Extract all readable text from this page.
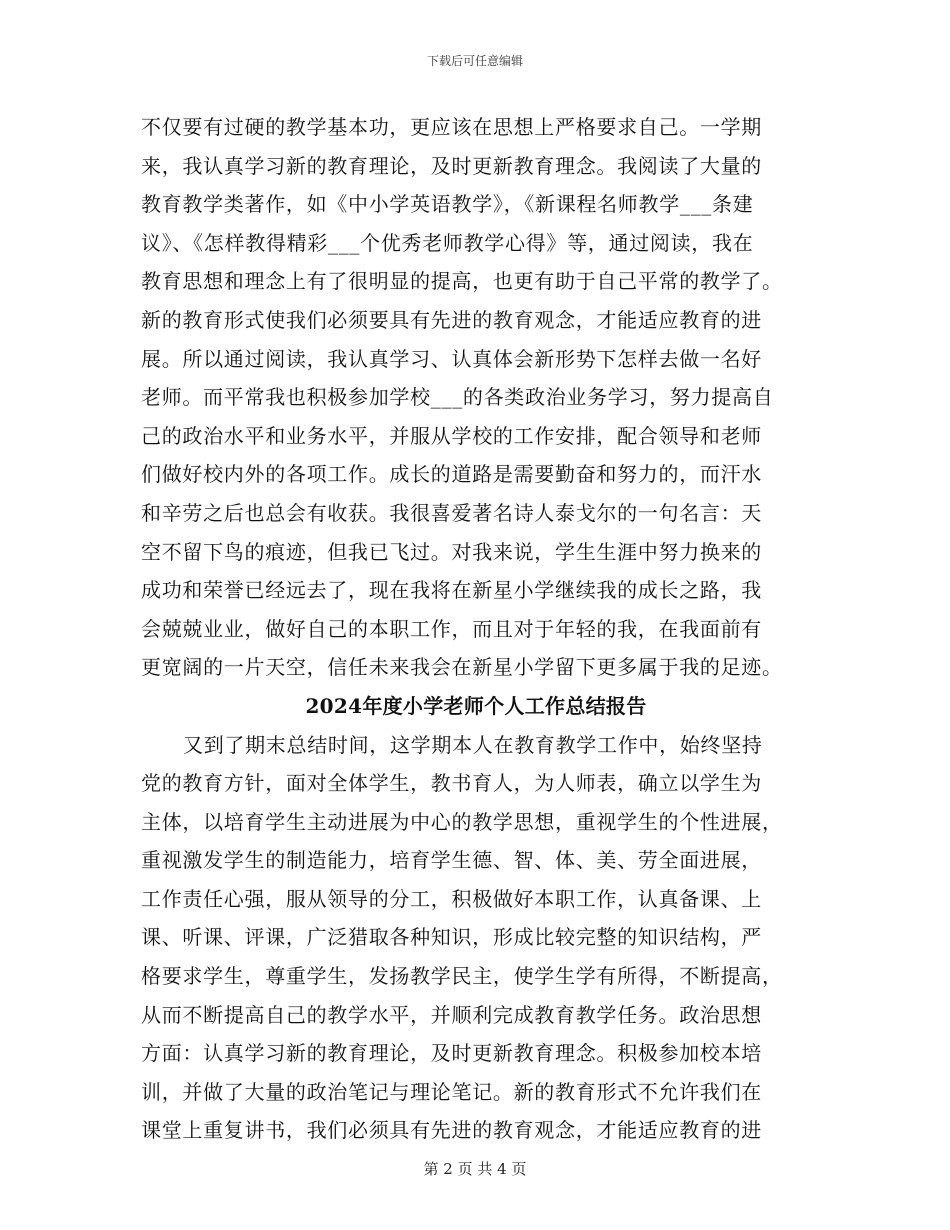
下载后可任意编辑
不仅要有过硬的教学基本功，更应该在思想上严格要求自己。一学期
来，我认真学习新的教育理论，及时更新教育理念。我阅读了大量的
教育教学类著作，如《中小学英语教学》，《新课程名师教学___条建
议》、《怎样教得精彩___个优秀老师教学心得》等，通过阅读，我在
教育思想和理念上有了很明显的提高，也更有助于自己平常的教学了。
新的教育形式使我们必须要具有先进的教育观念，才能适应教育的进
展。所以通过阅读，我认真学习、认真体会新形势下怎样去做一名好
老师。而平常我也积极参加学校___的各类政治业务学习，努力提高自
己的政治水平和业务水平，并服从学校的工作安排，配合领导和老师
们做好校内外的各项工作。成长的道路是需要勤奋和努力的，而汗水
和辛劳之后也总会有收获。我很喜爱著名诗人泰戈尔的一句名言：天
空不留下鸟的痕迹，但我已飞过。对我来说，学生生涯中努力换来的
成功和荣誉已经远去了，现在我将在新星小学继续我的成长之路，我
会兢兢业业，做好自己的本职工作，而且对于年轻的我，在我面前有
更宽阔的一片天空，信任未来我会在新星小学留下更多属于我的足迹。
2024年度小学老师个人工作总结报告
又到了期末总结时间，这学期本人在教育教学工作中，始终坚持
党的教育方针，面对全体学生，教书育人，为人师表，确立以学生为
主体，以培育学生主动进展为中心的教学思想，重视学生的个性进展，
重视激发学生的制造能力，培育学生德、智、体、美、劳全面进展，
工作责任心强，服从领导的分工，积极做好本职工作，认真备课、上
课、听课、评课，广泛猎取各种知识，形成比较完整的知识结构，严
格要求学生，尊重学生，发扬教学民主，使学生学有所得，不断提高，
从而不断提高自己的教学水平，并顺利完成教育教学任务。政治思想
方面：认真学习新的教育理论，及时更新教育理念。积极参加校本培
训，并做了大量的政治笔记与理论笔记。新的教育形式不允许我们在
课堂上重复讲书，我们必须具有先进的教育观念，才能适应教育的进
第 2 页 共 4 页
